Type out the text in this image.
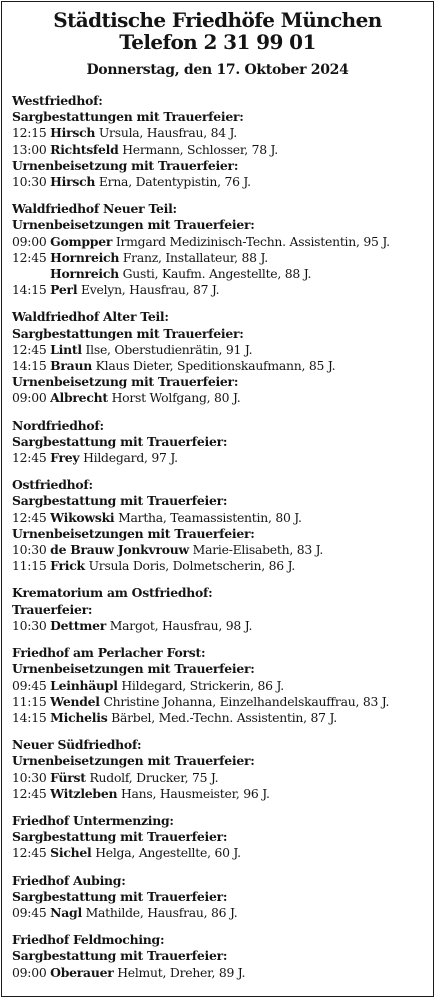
Städtische Friedhöfe München
Telefon 2 31 99 01
Donnerstag, den 17. Oktober 2024
Westfriedhof:
Sargbestattungen mit Trauerfeier:
12:15 Hirsch Ursula, Hausfrau, 84 J.
13:00 Richtsfeld Hermann, Schlosser, 78 J.
Urnenbeisetzung mit Trauerfeier:
10:30 Hirsch Erna, Datentypistin, 76 J.
Waldfriedhof Neuer Teil:
Urnenbeisetzungen mit Trauerfeier:
09:00 Gompper Irmgard Medizinisch-Techn. Assistentin, 95 J.
12:45 Hornreich Franz, Installateur, 88 J.
Hornreich Gusti, Kaufm. Angestellte, 88 J.
14:15 Perl Evelyn, Hausfrau, 87 J.
Waldfriedhof Alter Teil:
Sargbestattungen mit Trauerfeier:
12:45 Lintl Ilse, Oberstudienrätin, 91 J.
14:15 Braun Klaus Dieter, Speditionskaufmann, 85 J.
Urnenbeisetzung mit Trauerfeier:
09:00 Albrecht Horst Wolfgang, 80 J.
Nordfriedhof:
Sargbestattung mit Trauerfeier:
12:45 Frey Hildegard, 97 J.
Ostfriedhof:
Sargbestattung mit Trauerfeier:
12:45 Wikowski Martha, Teamassistentin, 80 J.
Urnenbeisetzungen mit Trauerfeier:
10:30 de Brauw Jonkvrouw Marie-Elisabeth, 83 J.
11:15 Frick Ursula Doris, Dolmetscherin, 86 J.
Krematorium am Ostfriedhof:
Trauerfeier:
10:30 Dettmer Margot, Hausfrau, 98 J.
Friedhof am Perlacher Forst:
Urnenbeisetzungen mit Trauerfeier:
09:45 Leinhäupl Hildegard, Strickerin, 86 J.
11:15 Wendel Christine Johanna, Einzelhandelskauffrau, 83 J.
14:15 Michelis Bärbel, Med.-Techn. Assistentin, 87 J.
Neuer Südfriedhof:
Urnenbeisetzungen mit Trauerfeier:
10:30 Fürst Rudolf, Drucker, 75 J.
12:45 Witzleben Hans, Hausmeister, 96 J.
Friedhof Untermenzing:
Sargbestattung mit Trauerfeier:
12:45 Sichel Helga, Angestellte, 60 J.
Friedhof Aubing:
Sargbestattung mit Trauerfeier:
09:45 Nagl Mathilde, Hausfrau, 86 J.
Friedhof Feldmoching:
Sargbestattung mit Trauerfeier:
09:00 Oberauer Helmut, Dreher, 89 J.
